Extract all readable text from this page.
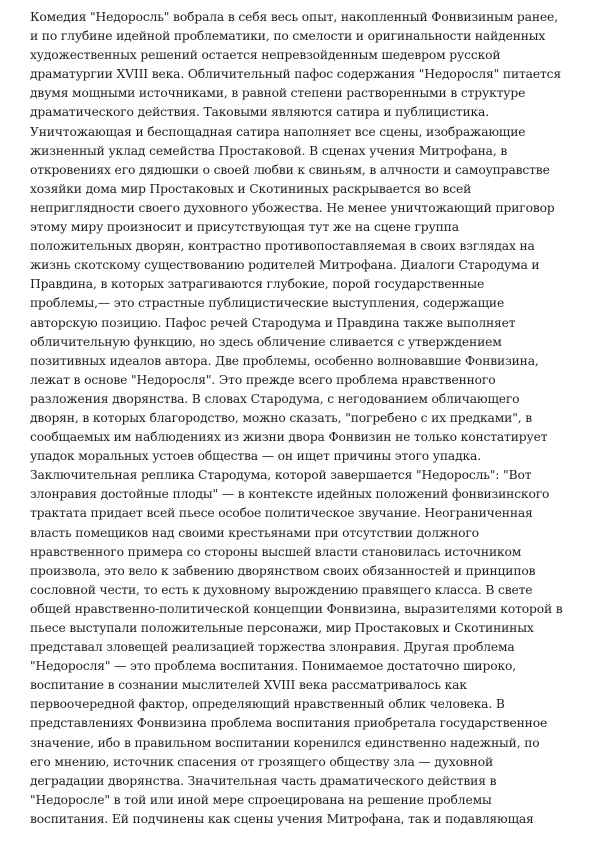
Комедия "Недоросль" вобрала в себя весь опыт, накопленный Фонвизиным ранее,
и по глубине идейной проблематики, по смелости и оригинальности найденных
художественных решений остается непревзойденным шедевром русской
драматургии XVIII века. Обличительный пафос содержания "Недоросля" питается
двумя мощными источниками, в равной степени растворенными в структуре
драматического действия. Таковыми являются сатира и публицистика.
Уничтожающая и беспощадная сатира наполняет все сцены, изображающие
жизненный уклад семейства Простаковой. В сценах учения Митрофана, в
откровениях его дядюшки о своей любви к свиньям, в алчности и самоуправстве
хозяйки дома мир Простаковых и Скотининых раскрывается во всей
неприглядности своего духовного убожества. Не менее уничтожающий приговор
этому миру произносит и присутствующая тут же на сцене группа
положительных дворян, контрастно противопоставляемая в своих взглядах на
жизнь скотскому существованию родителей Митрофана. Диалоги Стародума и
Правдина, в которых затрагиваются глубокие, порой государственные
проблемы,— это страстные публицистические выступления, содержащие
авторскую позицию. Пафос речей Стародума и Правдина также выполняет
обличительную функцию, но здесь обличение сливается с утверждением
позитивных идеалов автора. Две проблемы, особенно волновавшие Фонвизина,
лежат в основе "Недоросля". Это прежде всего проблема нравственного
разложения дворянства. В словах Стародума, с негодованием обличающего
дворян, в которых благородство, можно сказать, "погребено с их предками", в
сообщаемых им наблюдениях из жизни двора Фонвизин не только констатирует
упадок моральных устоев общества — он ищет причины этого упадка.
Заключительная реплика Стародума, которой завершается "Недоросль": "Вот
злонравия достойные плоды" — в контексте идейных положений фонвизинского
трактата придает всей пьесе особое политическое звучание. Неограниченная
власть помещиков над своими крестьянами при отсутствии должного
нравственного примера со стороны высшей власти становилась источником
произвола, это вело к забвению дворянством своих обязанностей и принципов
сословной чести, то есть к духовному вырождению правящего класса. В свете
общей нравственно-политической концепции Фонвизина, выразителями которой в
пьесе выступали положительные персонажи, мир Простаковых и Скотининых
представал зловещей реализацией торжества злонравия. Другая проблема
"Недоросля" — это проблема воспитания. Понимаемое достаточно широко,
воспитание в сознании мыслителей XVIII века рассматривалось как
первоочередной фактор, определяющий нравственный облик человека. В
представлениях Фонвизина проблема воспитания приобретала государственное
значение, ибо в правильном воспитании коренился единственно надежный, по
его мнению, источник спасения от грозящего обществу зла — духовной
деградации дворянства. Значительная часть драматического действия в
"Недоросле" в той или иной мере спроецирована на решение проблемы
воспитания. Ей подчинены как сцены учения Митрофана, так и подавляющая
